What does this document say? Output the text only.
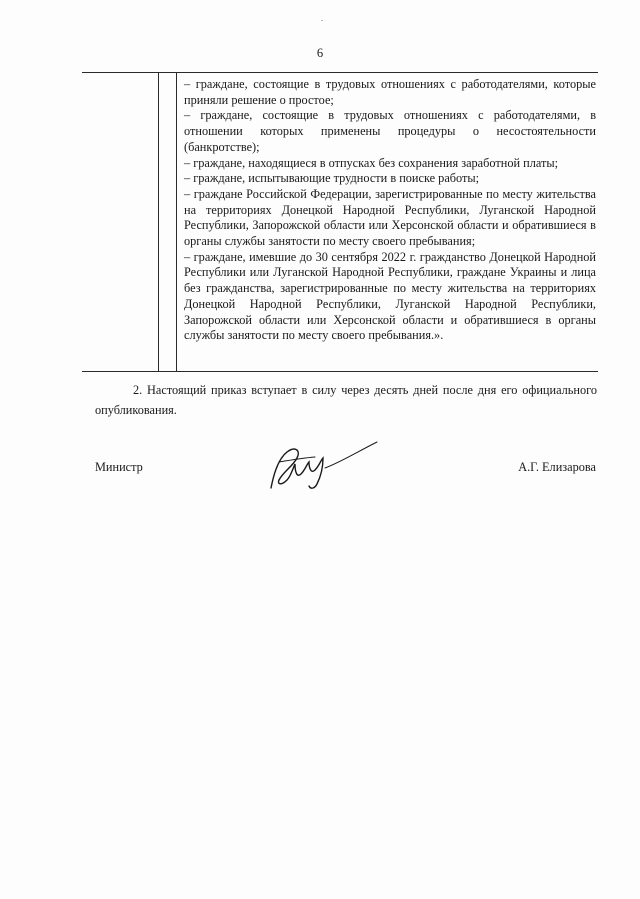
6

– граждане, состоящие в трудовых отношениях с работодателями, которые приняли решение о простое;

– граждане, состоящие в трудовых отношениях с работодателями, в отношении которых применены процедуры о несостоятельности (банкротстве);

– граждане, находящиеся в отпусках без сохранения заработной платы;

– граждане, испытывающие трудности в поиске работы;

– граждане Российской Федерации, зарегистрированные по месту жительства на территориях Донецкой Народной Республики, Луганской Народной Республики, Запорожской области или Херсонской области и обратившиеся в органы службы занятости по месту своего пребывания;

– граждане, имевшие до 30 сентября 2022 г. гражданство Донецкой Народной Республики или Луганской Народной Республики, граждане Украины и лица без гражданства, зарегистрированные по месту жительства на территориях Донецкой Народной Республики, Луганской Народной Республики, Запорожской области или Херсонской области и обратившиеся в органы службы занятости по месту своего пребывания.».

2. Настоящий приказ вступает в силу через десять дней после дня его официального опубликования.
Министр	А.Г. Елизарова
